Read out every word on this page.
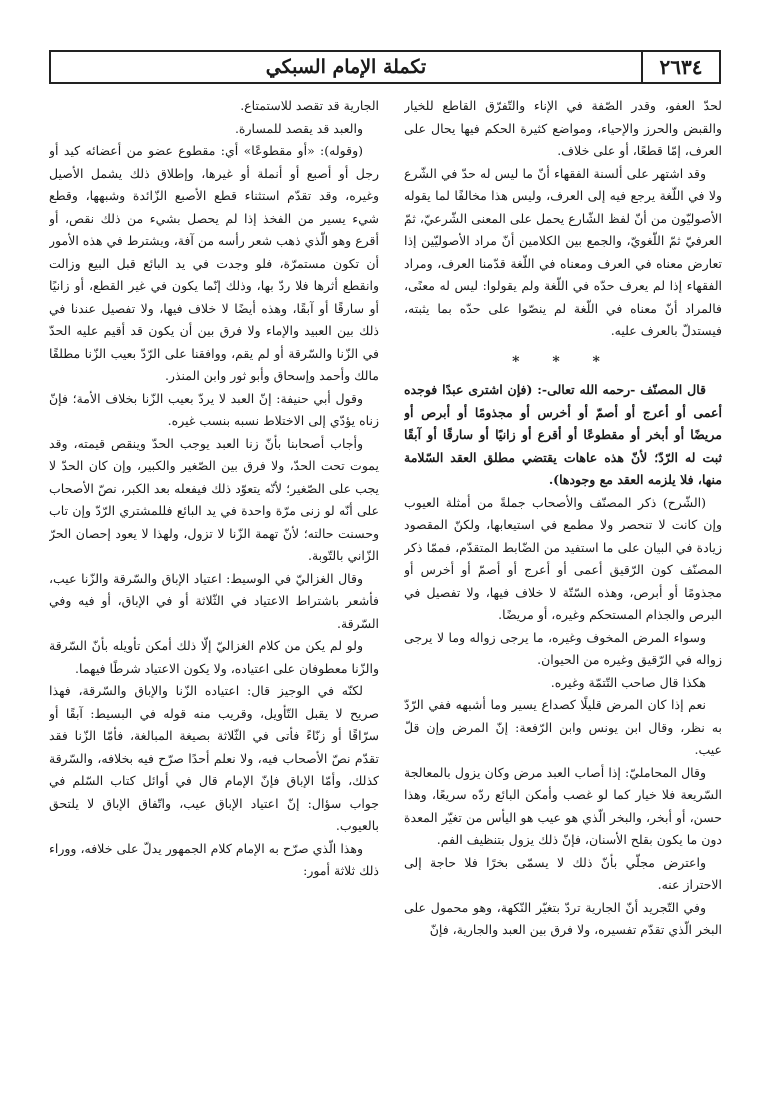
٢٦٣٤
تكملة الإمام السبكي

لحدّ العفو، وقدر الصّفة في الإناء والتّفرّق القاطع للخيار والقبض والحرز والإحياء، ومواضع كثيرة الحكم فيها يحال على العرف، إمّا قطعًا، أو على خلاف.

وقد اشتهر على ألسنة الفقهاء أنّ ما ليس له حدّ في الشّرع ولا في اللّغة يرجع فيه إلى العرف، وليس هذا مخالفًا لما يقوله الأصوليّون من أنّ لفظ الشّارع يحمل على المعنى الشّرعيّ، ثمّ العرفيّ ثمّ اللّغويّ، والجمع بين الكلامين أنّ مراد الأصوليّين إذا تعارض معناه في العرف ومعناه في اللّغة قدّمنا العرف، ومراد الفقهاء إذا لم يعرف حدّه في اللّغة ولم يقولوا: ليس له معنًى، فالمراد أنّ معناه في اللّغة لم ينصّوا على حدّه بما يثبته، فيستدلّ بالعرف عليه.

* * *

قال المصنّف -رحمه الله تعالى-: (فإن اشترى عبدًا فوجده أعمى أو أعرج أو أصمّ أو أخرس أو مجذومًا أو أبرص أو مريضًا أو أبخر أو مقطوعًا أو أقرع أو زانيًا أو سارقًا أو آبقًا ثبت له الرّدّ؛ لأنّ هذه عاهات يقتضي مطلق العقد السّلامة منها، فلا يلزمه العقد مع وجودها).

(الشّرح) ذكر المصنّف والأصحاب جملةً من أمثلة العيوب وإن كانت لا تنحصر ولا مطمع في استيعابها، ولكنّ المقصود زيادة في البيان على ما استفيد من الضّابط المتقدّم، فممّا ذكر المصنّف كون الرّقيق أعمى أو أعرج أو أصمّ أو أخرس أو مجذومًا أو أبرص، وهذه السّتّة لا خلاف فيها، ولا تفصيل في البرص والجذام المستحكم وغيره، أو مريضًا.

وسواء المرض المخوف وغيره، ما يرجى زواله وما لا يرجى زواله في الرّقيق وغيره من الحيوان.

هكذا قال صاحب التّتمّة وغيره.

نعم إذا كان المرض قليلًا كصداع يسير وما أشبهه ففي الرّدّ به نظر، وقال ابن يونس وابن الرّفعة: إنّ المرض وإن قلّ عيب.

وقال المحامليّ: إذا أصاب العبد مرض وكان يزول بالمعالجة السّريعة فلا خيار كما لو غصب وأمكن البائع ردّه سريعًا، وهذا حسن، أو أبخر، والبخر الّذي هو عيب هو اليأس من تغيّر المعدة دون ما يكون بقلح الأسنان، فإنّ ذلك يزول بتنظيف الفم.

واعترض مجلّي بأنّ ذلك لا يسمّى بخرًا فلا حاجة إلى الاحتراز عنه.

وفي التّجريد أنّ الجارية تردّ بتغيّر النّكهة، وهو محمول على البخر الّذي تقدّم تفسيره، ولا فرق بين العبد والجارية، فإنّ

الجارية قد تقصد للاستمتاع.

والعبد قد يقصد للمسارة.

(وقوله): «أو مقطوعًا» أي: مقطوع عضو من أعضائه كيد أو رجل أو أصبع أو أنملة أو غيرها، وإطلاق ذلك يشمل الأصيل وغيره، وقد تقدّم استثناء قطع الأصبع الزّائدة وشبهها، وقطع شيء يسير من الفخذ إذا لم يحصل بشيء من ذلك نقص، أو أقرع وهو الّذي ذهب شعر رأسه من آفة، ويشترط في هذه الأمور أن تكون مستمرّة، فلو وجدت في يد البائع قبل البيع وزالت وانقطع أثرها فلا ردّ بها، وذلك إنّما يكون في غير القطع، أو زانيًا أو سارقًا أو آبقًا، وهذه أيضًا لا خلاف فيها، ولا تفصيل عندنا في ذلك بين العبيد والإماء ولا فرق بين أن يكون قد أقيم عليه الحدّ في الزّنا والسّرقة أو لم يقم، ووافقنا على الرّدّ بعيب الزّنا مطلقًا مالك وأحمد وإسحاق وأبو ثور وابن المنذر.

وقول أبي حنيفة: إنّ العبد لا يردّ بعيب الزّنا بخلاف الأمة؛ فإنّ زناه يؤدّي إلى الاختلاط نسبه بنسب غيره.

وأجاب أصحابنا بأنّ زنا العبد يوجب الحدّ وينقص قيمته، وقد يموت تحت الحدّ، ولا فرق بين الصّغير والكبير، وإن كان الحدّ لا يجب على الصّغير؛ لأنّه يتعوّد ذلك فيفعله بعد الكبر، نصّ الأصحاب على أنّه لو زنى مرّة واحدة في يد البائع فللمشتري الرّدّ وإن تاب وحسنت حالته؛ لأنّ تهمة الزّنا لا تزول، ولهذا لا يعود إحصان الحرّ الزّاني بالتّوبة.

وقال الغزاليّ في الوسيط: اعتياد الإباق والسّرقة والزّنا عيب، فأشعر باشتراط الاعتياد في الثّلاثة أو في الإباق، أو فيه وفي السّرقة.

ولو لم يكن من كلام الغزاليّ إلّا ذلك أمكن تأويله بأنّ السّرقة والزّنا معطوفان على اعتياده، ولا يكون الاعتياد شرطًا فيهما.

لكنّه في الوجيز قال: اعتياده الزّنا والإباق والسّرقة، فهذا صريح لا يقبل التّأويل، وقريب منه قوله في البسيط: آبقًا أو سرّاقًا أو زنّاءً فأتى في الثّلاثة بصيغة المبالغة، فأمّا الزّنا فقد تقدّم نصّ الأصحاب فيه، ولا نعلم أحدًا صرّح فيه بخلافه، والسّرقة كذلك، وأمّا الإباق فإنّ الإمام قال في أوائل كتاب السّلم في جواب سؤال: إنّ اعتياد الإباق عيب، واتّفاق الإباق لا يلتحق بالعيوب.

وهذا الّذي صرّح به الإمام كلام الجمهور يدلّ على خلافه، ووراء ذلك ثلاثة أمور:
